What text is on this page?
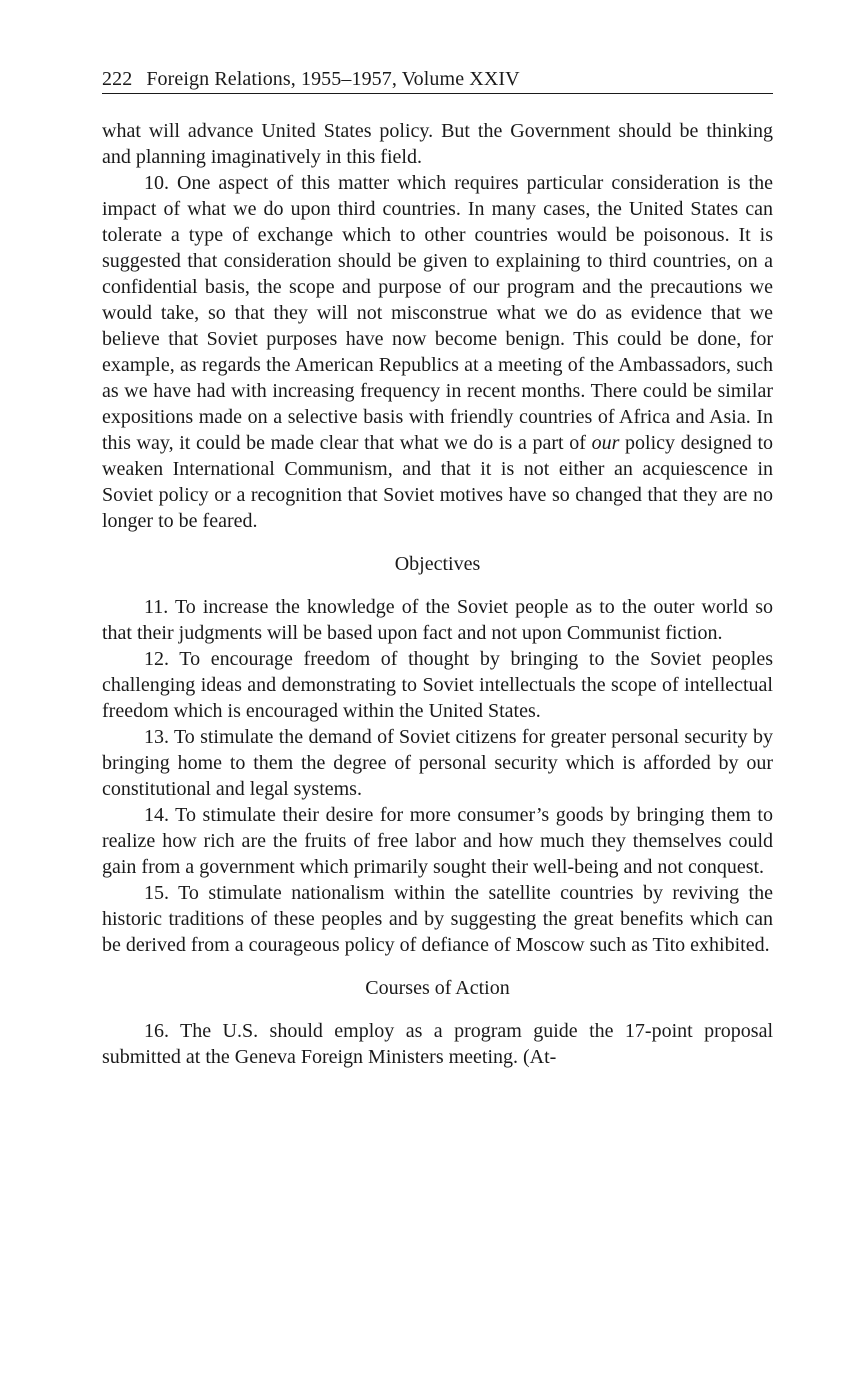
222 Foreign Relations, 1955–1957, Volume XXIV

what will advance United States policy. But the Government should be thinking and planning imaginatively in this field.

10. One aspect of this matter which requires particular consideration is the impact of what we do upon third countries. In many cases, the United States can tolerate a type of exchange which to other countries would be poisonous. It is suggested that consideration should be given to explaining to third countries, on a confidential basis, the scope and purpose of our program and the precautions we would take, so that they will not misconstrue what we do as evidence that we believe that Soviet purposes have now become benign. This could be done, for example, as regards the American Republics at a meeting of the Ambassadors, such as we have had with increasing frequency in recent months. There could be similar expositions made on a selective basis with friendly countries of Africa and Asia. In this way, it could be made clear that what we do is a part of our policy designed to weaken International Communism, and that it is not either an acquiescence in Soviet policy or a recognition that Soviet motives have so changed that they are no longer to be feared.

Objectives

11. To increase the knowledge of the Soviet people as to the outer world so that their judgments will be based upon fact and not upon Communist fiction.

12. To encourage freedom of thought by bringing to the Soviet peoples challenging ideas and demonstrating to Soviet intellectuals the scope of intellectual freedom which is encouraged within the United States.

13. To stimulate the demand of Soviet citizens for greater personal security by bringing home to them the degree of personal security which is afforded by our constitutional and legal systems.

14. To stimulate their desire for more consumer’s goods by bringing them to realize how rich are the fruits of free labor and how much they themselves could gain from a government which primarily sought their well-being and not conquest.

15. To stimulate nationalism within the satellite countries by reviving the historic traditions of these peoples and by suggesting the great benefits which can be derived from a courageous policy of defiance of Moscow such as Tito exhibited.

Courses of Action

16. The U.S. should employ as a program guide the 17-point proposal submitted at the Geneva Foreign Ministers meeting. (At-
